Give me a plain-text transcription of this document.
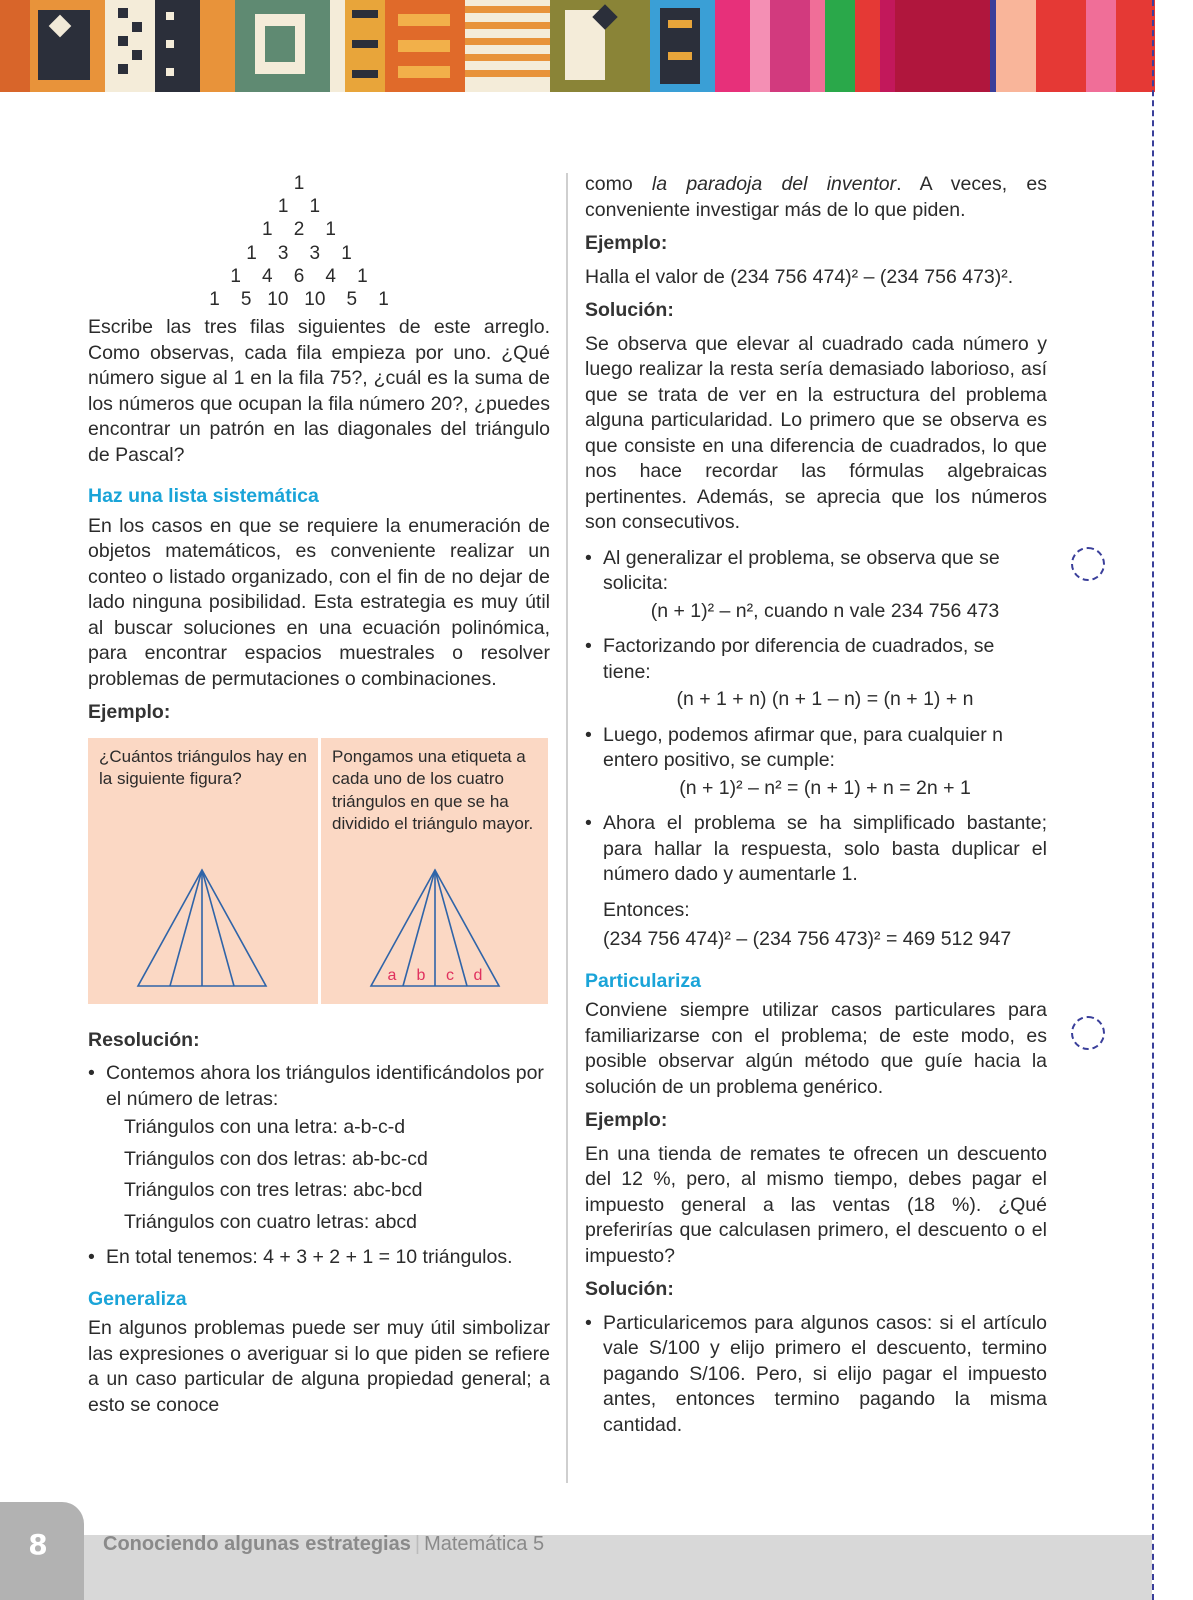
1
1    1
1    2    1
1    3    3    1
1    4    6    4    1
1    5   10   10    5    1

Escribe las tres filas siguientes de este arreglo. Como observas, cada fila empieza por uno. ¿Qué número sigue al 1 en la fila 75?, ¿cuál es la suma de los números que ocupan la fila número 20?, ¿puedes encontrar un patrón en las diagonales del triángulo de Pascal?

Haz una lista sistemática

En los casos en que se requiere la enumeración de objetos matemáticos, es conveniente realizar un conteo o listado organizado, con el fin de no dejar de lado ninguna posibilidad. Esta estrategia es muy útil al buscar soluciones en una ecuación polinómica, para encontrar espacios muestrales o resolver problemas de permutaciones o combinaciones.

Ejemplo:
¿Cuántos triángulos hay en la siguiente figura?
Pongamos una etiqueta a cada uno de los cuatro triángulos en que se ha dividido el triángulo mayor.
a b c d
Resolución:
• Contemos ahora los triángulos identificándolos por el número de letras:
Triángulos con una letra: a-b-c-d
Triángulos con dos letras: ab-bc-cd
Triángulos con tres letras: abc-bcd
Triángulos con cuatro letras: abcd
• En total tenemos: 4 + 3 + 2 + 1 = 10 triángulos.
Generaliza

En algunos problemas puede ser muy útil simbolizar las expresiones o averiguar si lo que piden se refiere a un caso particular de alguna propiedad general; a esto se conoce

como la paradoja del inventor. A veces, es conveniente investigar más de lo que piden.

Ejemplo:

Halla el valor de (234 756 474)² – (234 756 473)².

Solución:

Se observa que elevar al cuadrado cada número y luego realizar la resta sería demasiado laborioso, así que se trata de ver en la estructura del problema alguna particularidad. Lo primero que se observa es que consiste en una diferencia de cuadrados, lo que nos hace recordar las fórmulas algebraicas pertinentes. Además, se aprecia que los números son consecutivos.

• Al generalizar el problema, se observa que se solicita:
(n + 1)² – n², cuando n vale 234 756 473
• Factorizando por diferencia de cuadrados, se tiene:
(n + 1 + n) (n + 1 – n) = (n + 1) + n
• Luego, podemos afirmar que, para cualquier n entero positivo, se cumple:
(n + 1)² – n² = (n + 1) + n = 2n + 1
• Ahora el problema se ha simplificado bastante; para hallar la respuesta, solo basta duplicar el número dado y aumentarle 1.
Entonces:
(234 756 474)² – (234 756 473)² = 469 512 947
Particulariza

Conviene siempre utilizar casos particulares para familiarizarse con el problema; de este modo, es posible observar algún método que guíe hacia la solución de un problema genérico.

Ejemplo:

En una tienda de remates te ofrecen un descuento del 12 %, pero, al mismo tiempo, debes pagar el impuesto general a las ventas (18 %). ¿Qué preferirías que calculasen primero, el descuento o el impuesto?

Solución:
• Particularicemos para algunos casos: si el artículo vale S/100 y elijo primero el descuento, termino pagando S/106. Pero, si elijo pagar el impuesto antes, entonces termino pagando la misma cantidad.
8	Conociendo algunas estrategias | Matemática 5
